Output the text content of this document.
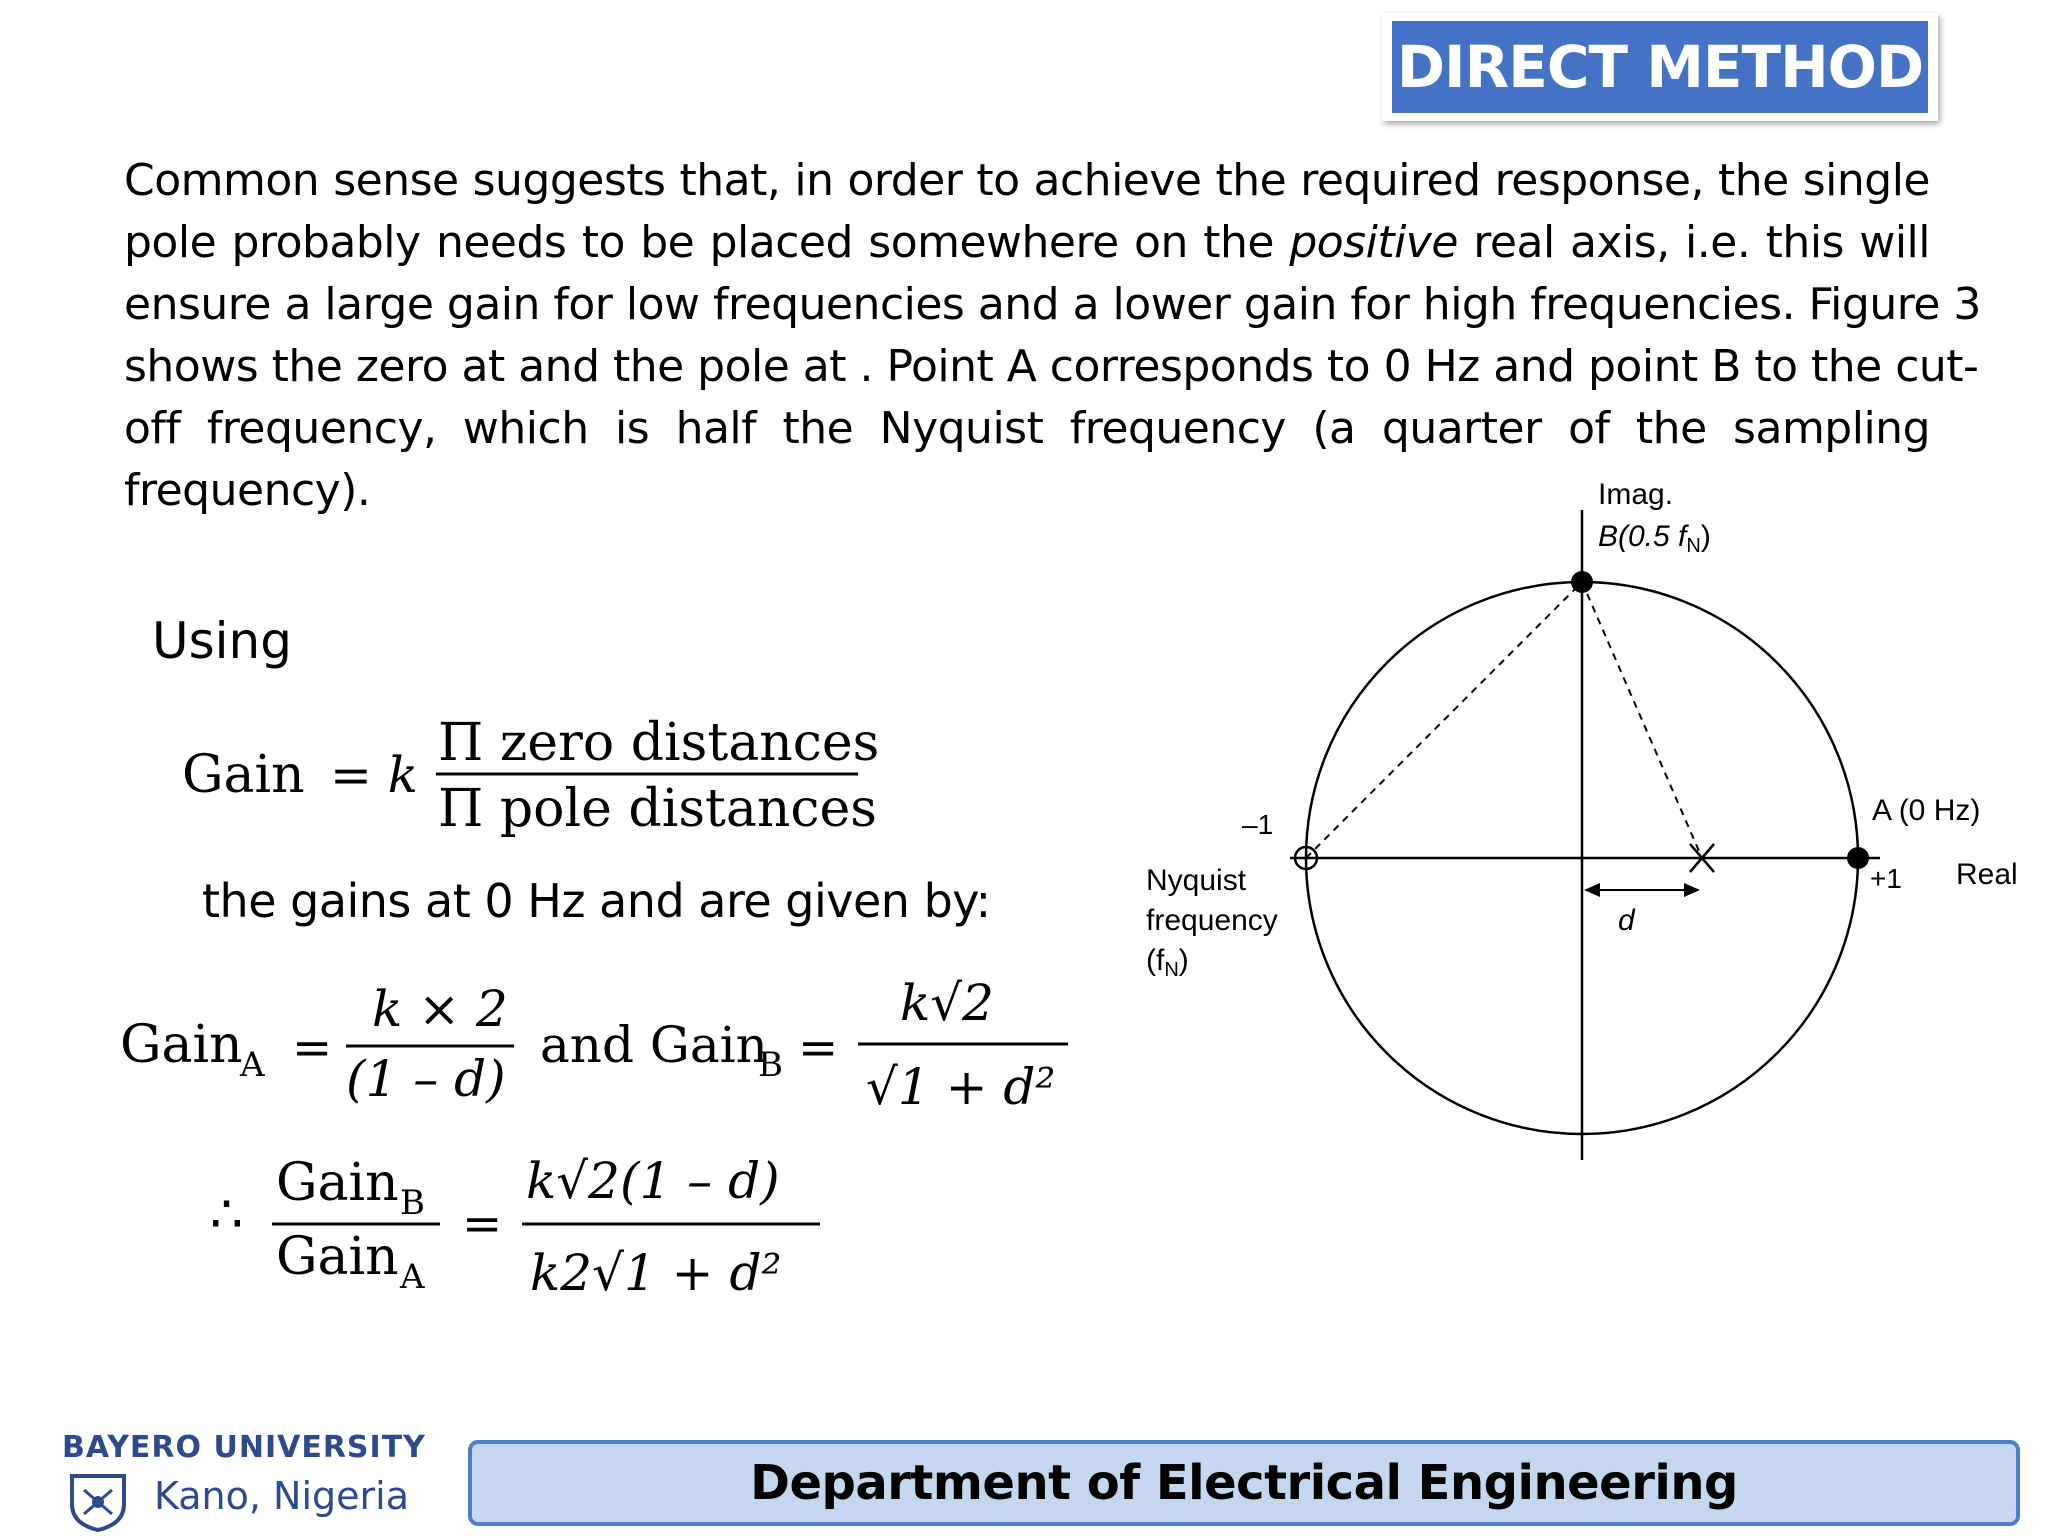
DIRECT METHOD
Common sense suggests that, in order to achieve the required response, the single
pole probably needs to be placed somewhere on the positive real axis, i.e. this will
ensure a large gain for low frequencies and a lower gain for high frequencies. Figure 3
shows the zero at and the pole at . Point A corresponds to 0 Hz and point B to the cut-
off frequency, which is half the Nyquist frequency (a quarter of the sampling
frequency).
Using
Gain = k
Π zero distances
Π pole distances
the gains at 0 Hz and are given by:
Gain
A =
k × 2
(1 – d)
and Gain
B =
k√2
√1 + d²
∴
Gain B
Gain A
=
k√2(1 – d)
k2√1 + d²
Imag.
B(0.5 $f_N$)
–1
Nyquist
frequency
$(f_N)$
A (0 Hz)
+1 Real
d
BAYERO UNIVERSITY
Kano, Nigeria	Department of Electrical Engineering
